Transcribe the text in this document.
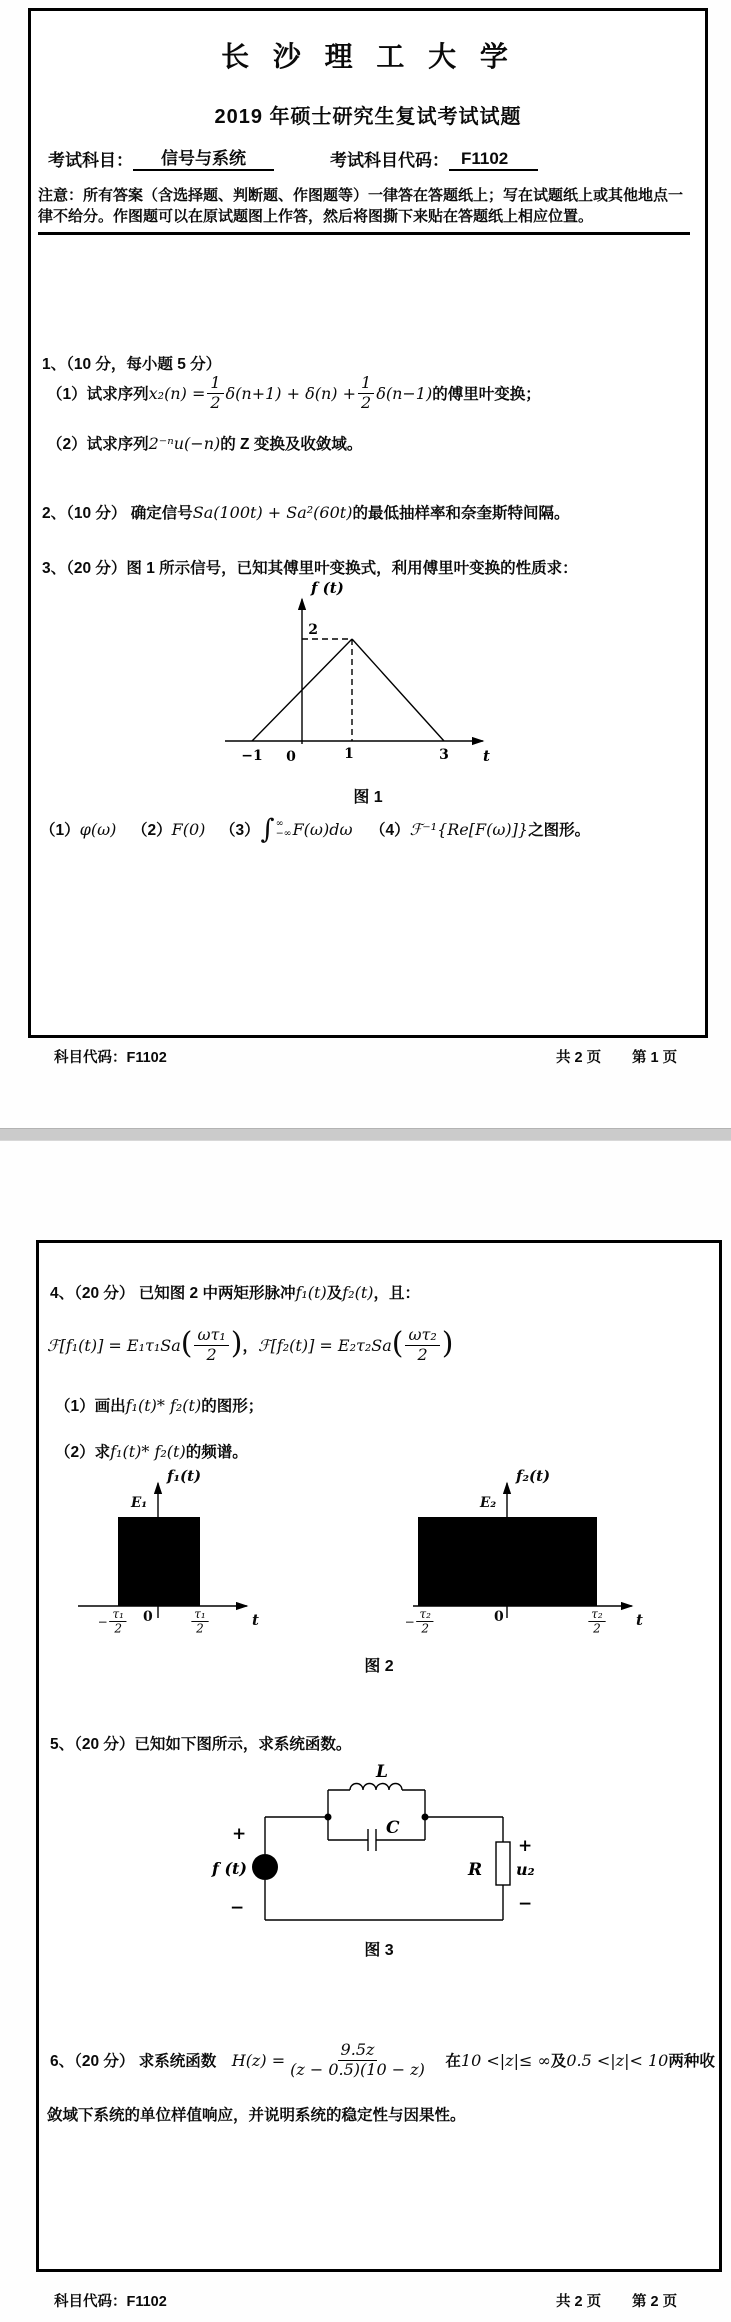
长 沙 理 工 大 学
2019 年硕士研究生复试考试试题
考试科目：	信号与系统	考试科目代码： F1102
注意：所有答案（含选择题、判断题、作图题等）一律答在答题纸上；写在试题纸上或其他地点一律不给分。作图题可以在原试题图上作答，然后将图撕下来贴在答题纸上相应位置。
1、（10 分，每小题 5 分）
（1）试求序列 $x_2(n) = \frac{1}{2} \delta(n+1) + \delta(n) + \frac{1}{2} \delta(n-1)$ 的傅里叶变换；
（2）试求序列 2⁻ⁿu(−n) 的 Z 变换及收敛域。
2、（10 分） 确定信号 Sa(100t) + Sa²(60t) 的最低抽样率和奈奎斯特间隔。
3、（20 分）图 1 所示信号，已知其傅里叶变换式，利用傅里叶变换的性质求：
f (t)
2
−1 0	1	3 t
图 1
（1） φ(ω) （2） F(0) （3） ∫ ∞
−∞ F(ω)dω （4） ℱ⁻¹{Re[F(ω)]} 之图形。
科目代码：F1102	共 2 页 第 1 页
4、（20 分） 已知图 2 中两矩形脉冲 f₁(t) 及 f₂(t) ，且：
ℱ[f₁(t)] = E₁τ₁Sa ( $\frac{\text{ωτ₁}}{2}$ ) ， ℱ[f₂(t)] = E₂τ₂Sa ( $\frac{\text{ωτ₂}}{2}$ )
（1）画出 f₁(t)* f₂(t) 的图形；
（2）求 f₁(t)* f₂(t) 的频谱。
f₁(t)
E₁
0	t
− $\frac{\text{τ₁}}{2}$	$\frac{\text{τ₁}}{2}$
f₂(t)
E₂
0	t
− $\frac{\text{τ₂}}{2}$	$\frac{\text{τ₂}}{2}$
图 2
5、（20 分）已知如下图所示，求系统函数。
L
C
f (t)
+
−
R u₂
+
−
图 3
6、（20 分） 求系统函数　 $H(z) = \frac{9.5z}{(z - 0.5)(10 - z)}$ 　在 10 <|z|≤ ∞ 及 0.5 <|z|< 10 两种收
敛域下系统的单位样值响应，并说明系统的稳定性与因果性。
科目代码：F1102	共 2 页 第 2 页
